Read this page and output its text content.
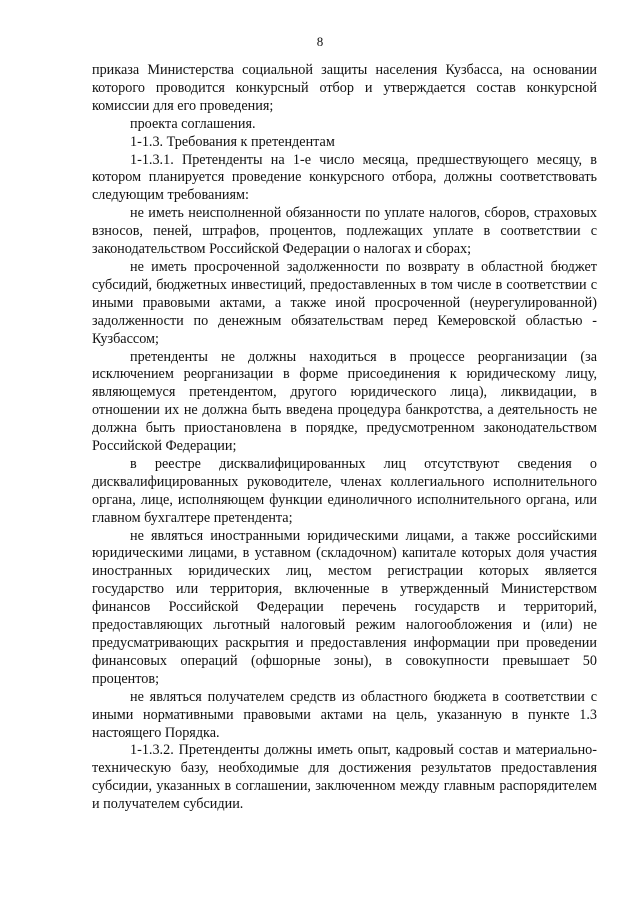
8

приказа Министерства социальной защиты населения Кузбасса, на основании которого проводится конкурсный отбор и утверждается состав конкурсной комиссии для его проведения;

проекта соглашения.

1-1.3. Требования к претендентам

1-1.3.1. Претенденты на 1-е число месяца, предшествующего месяцу, в котором планируется проведение конкурсного отбора, должны соответствовать следующим требованиям:

не иметь неисполненной обязанности по уплате налогов, сборов, страховых взносов, пеней, штрафов, процентов, подлежащих уплате в соответствии с законодательством Российской Федерации о налогах и сборах;

не иметь просроченной задолженности по возврату в областной бюджет субсидий, бюджетных инвестиций, предоставленных в том числе в соответствии с иными правовыми актами, а также иной просроченной (неурегулированной) задолженности по денежным обязательствам перед Кемеровской областью - Кузбассом;

претенденты не должны находиться в процессе реорганизации (за исключением реорганизации в форме присоединения к юридическому лицу, являющемуся претендентом, другого юридического лица), ликвидации, в отношении их не должна быть введена процедура банкротства, а деятельность не должна быть приостановлена в порядке, предусмотренном законодательством Российской Федерации;

в реестре дисквалифицированных лиц отсутствуют сведения о дисквалифицированных руководителе, членах коллегиального исполнительного органа, лице, исполняющем функции единоличного исполнительного органа, или главном бухгалтере претендента;

не являться иностранными юридическими лицами, а также российскими юридическими лицами, в уставном (складочном) капитале которых доля участия иностранных юридических лиц, местом регистрации которых является государство или территория, включенные в утвержденный Министерством финансов Российской Федерации перечень государств и территорий, предоставляющих льготный налоговый режим налогообложения и (или) не предусматривающих раскрытия и предоставления информации при проведении финансовых операций (офшорные зоны), в совокупности превышает 50 процентов;

не являться получателем средств из областного бюджета в соответствии с иными нормативными правовыми актами на цель, указанную в пункте 1.3 настоящего Порядка.

1-1.3.2. Претенденты должны иметь опыт, кадровый состав и материально-техническую базу, необходимые для достижения результатов предоставления субсидии, указанных в соглашении, заключенном между главным распорядителем и получателем субсидии.
